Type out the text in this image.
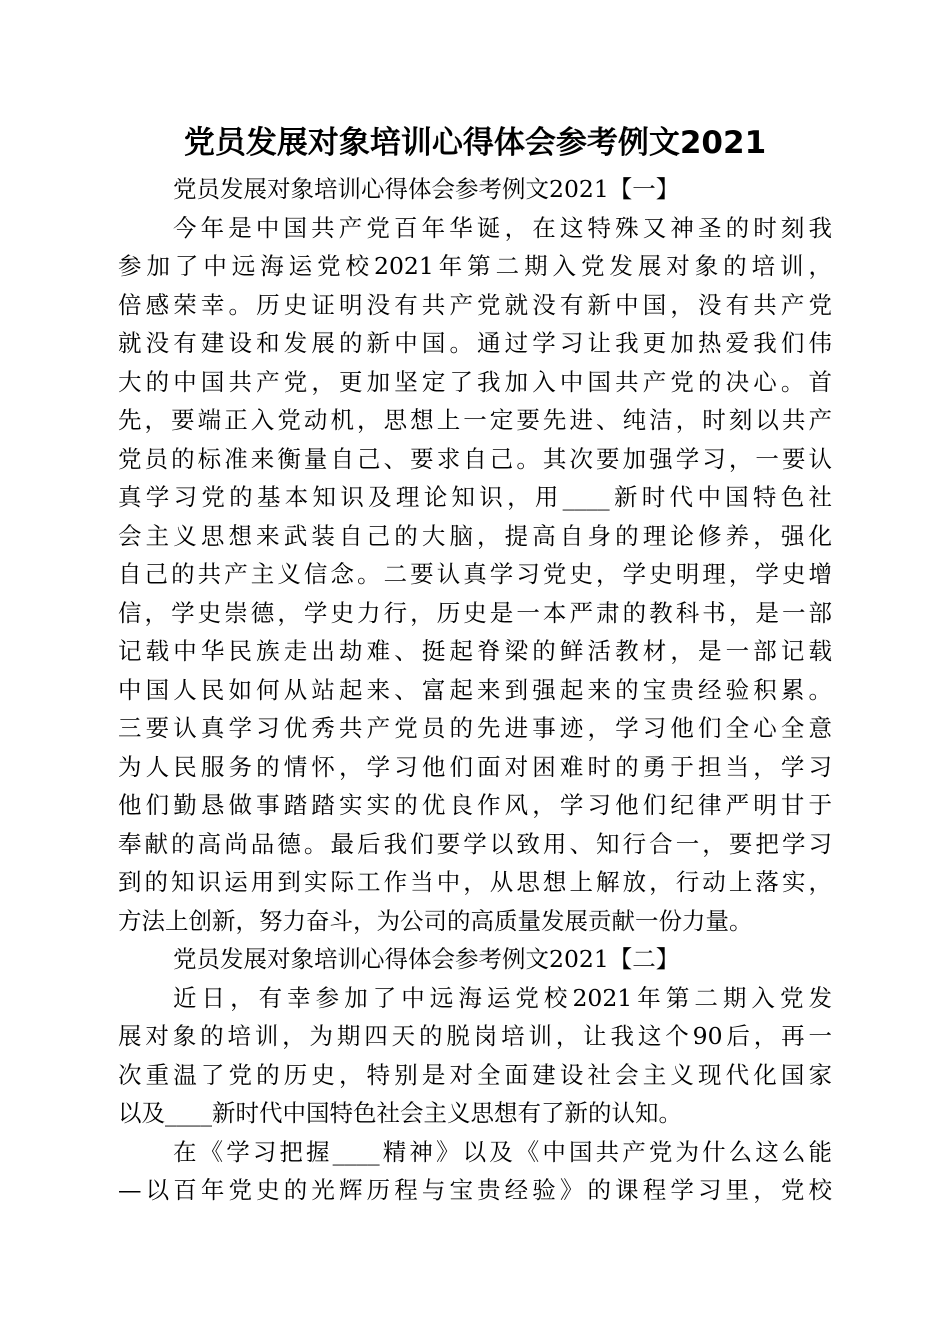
党员发展对象培训心得体会参考例文2021
党员发展对象培训心得体会参考例文2021【一】
今年是中国共产党百年华诞，在这特殊又神圣的时刻我
参加了中远海运党校2021年第二期入党发展对象的培训，
倍感荣幸。历史证明没有共产党就没有新中国，没有共产党
就没有建设和发展的新中国。通过学习让我更加热爱我们伟
大的中国共产党，更加坚定了我加入中国共产党的决心。首
先，要端正入党动机，思想上一定要先进、纯洁，时刻以共产
党员的标准来衡量自己、要求自己。其次要加强学习，一要认
真学习党的基本知识及理论知识，用____新时代中国特色社
会主义思想来武装自己的大脑，提高自身的理论修养，强化
自己的共产主义信念。二要认真学习党史，学史明理，学史增
信，学史崇德，学史力行，历史是一本严肃的教科书，是一部
记载中华民族走出劫难、挺起脊梁的鲜活教材，是一部记载
中国人民如何从站起来、富起来到强起来的宝贵经验积累。
三要认真学习优秀共产党员的先进事迹，学习他们全心全意
为人民服务的情怀，学习他们面对困难时的勇于担当，学习
他们勤恳做事踏踏实实的优良作风，学习他们纪律严明甘于
奉献的高尚品德。最后我们要学以致用、知行合一，要把学习
到的知识运用到实际工作当中，从思想上解放，行动上落实，
方法上创新，努力奋斗，为公司的高质量发展贡献一份力量。
党员发展对象培训心得体会参考例文2021【二】
近日，有幸参加了中远海运党校2021年第二期入党发
展对象的培训，为期四天的脱岗培训，让我这个90后，再一
次重温了党的历史，特别是对全面建设社会主义现代化国家
以及____新时代中国特色社会主义思想有了新的认知。
在《学习把握____精神》以及《中国共产党为什么这么能
—以百年党史的光辉历程与宝贵经验》的课程学习里，党校
